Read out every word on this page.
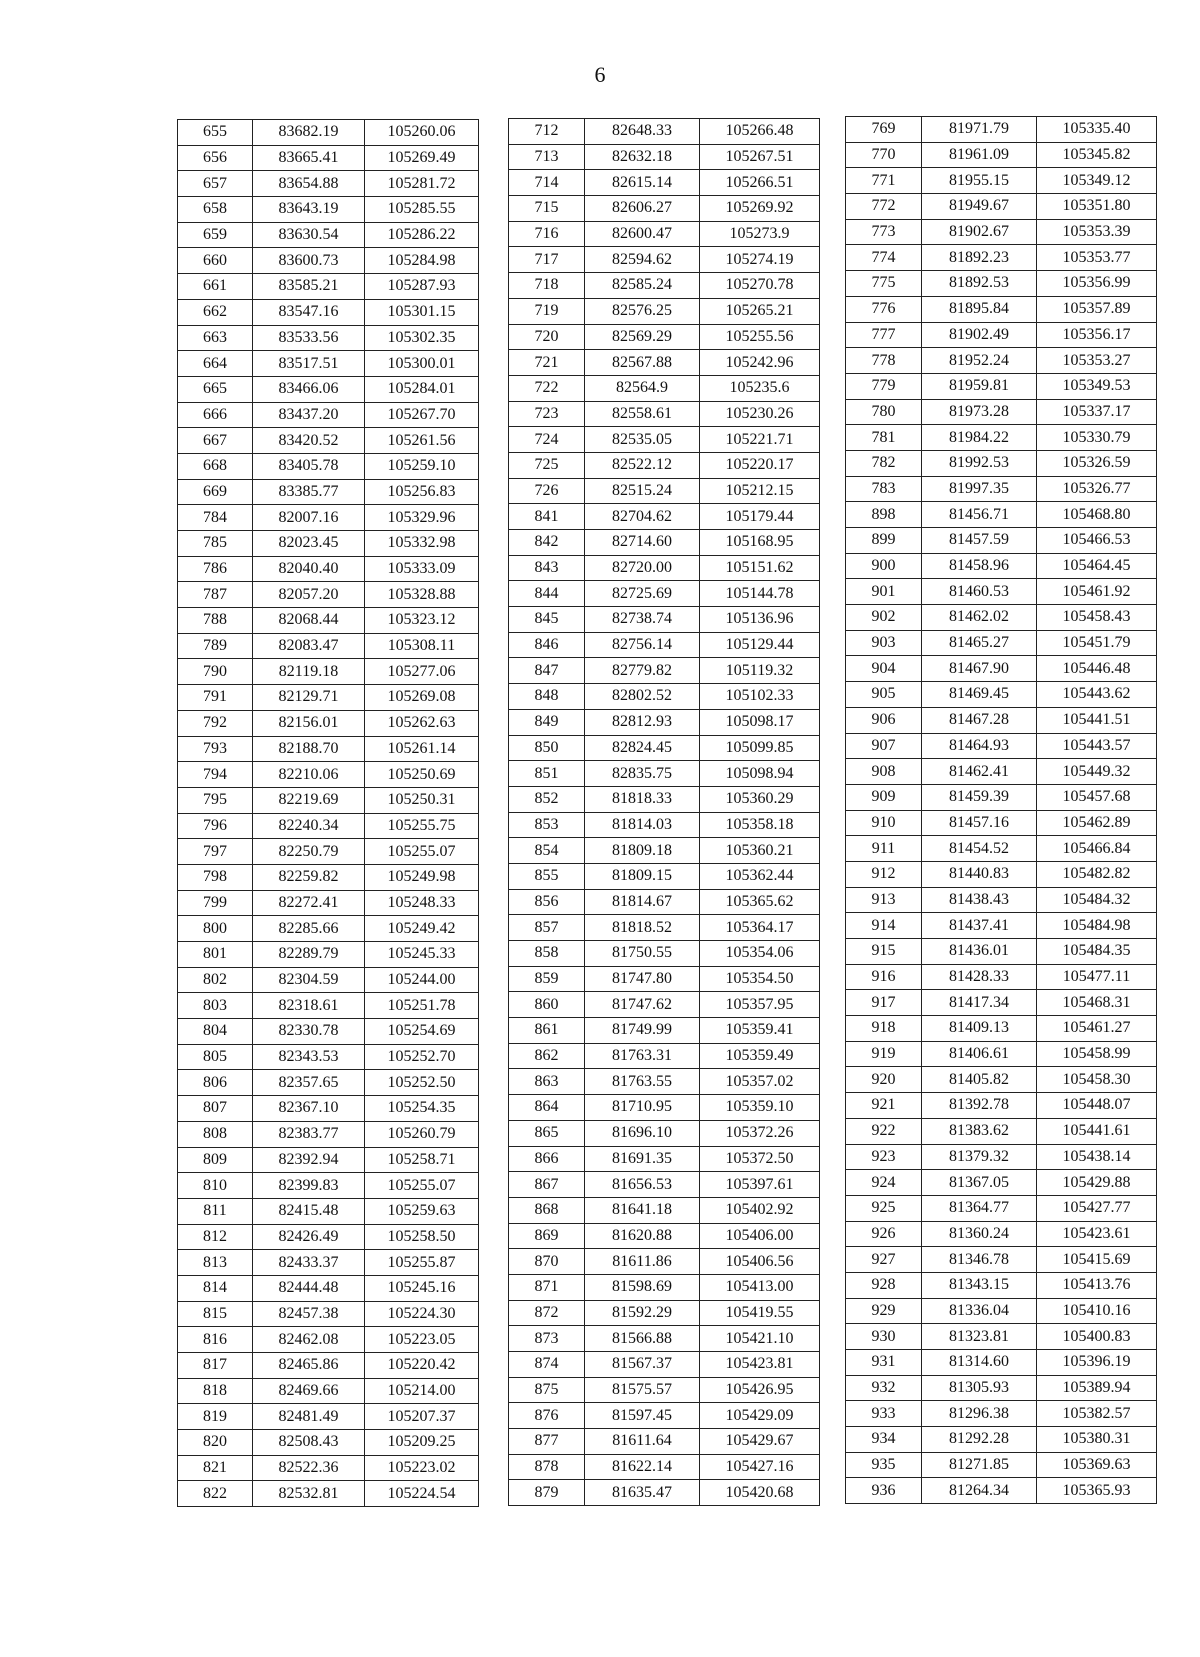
6
655	83682.19	105260.06
656	83665.41	105269.49
657	83654.88	105281.72
658	83643.19	105285.55
659	83630.54	105286.22
660	83600.73	105284.98
661	83585.21	105287.93
662	83547.16	105301.15
663	83533.56	105302.35
664	83517.51	105300.01
665	83466.06	105284.01
666	83437.20	105267.70
667	83420.52	105261.56
668	83405.78	105259.10
669	83385.77	105256.83
784	82007.16	105329.96
785	82023.45	105332.98
786	82040.40	105333.09
787	82057.20	105328.88
788	82068.44	105323.12
789	82083.47	105308.11
790	82119.18	105277.06
791	82129.71	105269.08
792	82156.01	105262.63
793	82188.70	105261.14
794	82210.06	105250.69
795	82219.69	105250.31
796	82240.34	105255.75
797	82250.79	105255.07
798	82259.82	105249.98
799	82272.41	105248.33
800	82285.66	105249.42
801	82289.79	105245.33
802	82304.59	105244.00
803	82318.61	105251.78
804	82330.78	105254.69
805	82343.53	105252.70
806	82357.65	105252.50
807	82367.10	105254.35
808	82383.77	105260.79
809	82392.94	105258.71
810	82399.83	105255.07
811	82415.48	105259.63
812	82426.49	105258.50
813	82433.37	105255.87
814	82444.48	105245.16
815	82457.38	105224.30
816	82462.08	105223.05
817	82465.86	105220.42
818	82469.66	105214.00
819	82481.49	105207.37
820	82508.43	105209.25
821	82522.36	105223.02
822	82532.81	105224.54
712	82648.33	105266.48
713	82632.18	105267.51
714	82615.14	105266.51
715	82606.27	105269.92
716	82600.47	105273.9
717	82594.62	105274.19
718	82585.24	105270.78
719	82576.25	105265.21
720	82569.29	105255.56
721	82567.88	105242.96
722	82564.9	105235.6
723	82558.61	105230.26
724	82535.05	105221.71
725	82522.12	105220.17
726	82515.24	105212.15
841	82704.62	105179.44
842	82714.60	105168.95
843	82720.00	105151.62
844	82725.69	105144.78
845	82738.74	105136.96
846	82756.14	105129.44
847	82779.82	105119.32
848	82802.52	105102.33
849	82812.93	105098.17
850	82824.45	105099.85
851	82835.75	105098.94
852	81818.33	105360.29
853	81814.03	105358.18
854	81809.18	105360.21
855	81809.15	105362.44
856	81814.67	105365.62
857	81818.52	105364.17
858	81750.55	105354.06
859	81747.80	105354.50
860	81747.62	105357.95
861	81749.99	105359.41
862	81763.31	105359.49
863	81763.55	105357.02
864	81710.95	105359.10
865	81696.10	105372.26
866	81691.35	105372.50
867	81656.53	105397.61
868	81641.18	105402.92
869	81620.88	105406.00
870	81611.86	105406.56
871	81598.69	105413.00
872	81592.29	105419.55
873	81566.88	105421.10
874	81567.37	105423.81
875	81575.57	105426.95
876	81597.45	105429.09
877	81611.64	105429.67
878	81622.14	105427.16
879	81635.47	105420.68
769	81971.79	105335.40
770	81961.09	105345.82
771	81955.15	105349.12
772	81949.67	105351.80
773	81902.67	105353.39
774	81892.23	105353.77
775	81892.53	105356.99
776	81895.84	105357.89
777	81902.49	105356.17
778	81952.24	105353.27
779	81959.81	105349.53
780	81973.28	105337.17
781	81984.22	105330.79
782	81992.53	105326.59
783	81997.35	105326.77
898	81456.71	105468.80
899	81457.59	105466.53
900	81458.96	105464.45
901	81460.53	105461.92
902	81462.02	105458.43
903	81465.27	105451.79
904	81467.90	105446.48
905	81469.45	105443.62
906	81467.28	105441.51
907	81464.93	105443.57
908	81462.41	105449.32
909	81459.39	105457.68
910	81457.16	105462.89
911	81454.52	105466.84
912	81440.83	105482.82
913	81438.43	105484.32
914	81437.41	105484.98
915	81436.01	105484.35
916	81428.33	105477.11
917	81417.34	105468.31
918	81409.13	105461.27
919	81406.61	105458.99
920	81405.82	105458.30
921	81392.78	105448.07
922	81383.62	105441.61
923	81379.32	105438.14
924	81367.05	105429.88
925	81364.77	105427.77
926	81360.24	105423.61
927	81346.78	105415.69
928	81343.15	105413.76
929	81336.04	105410.16
930	81323.81	105400.83
931	81314.60	105396.19
932	81305.93	105389.94
933	81296.38	105382.57
934	81292.28	105380.31
935	81271.85	105369.63
936	81264.34	105365.93
